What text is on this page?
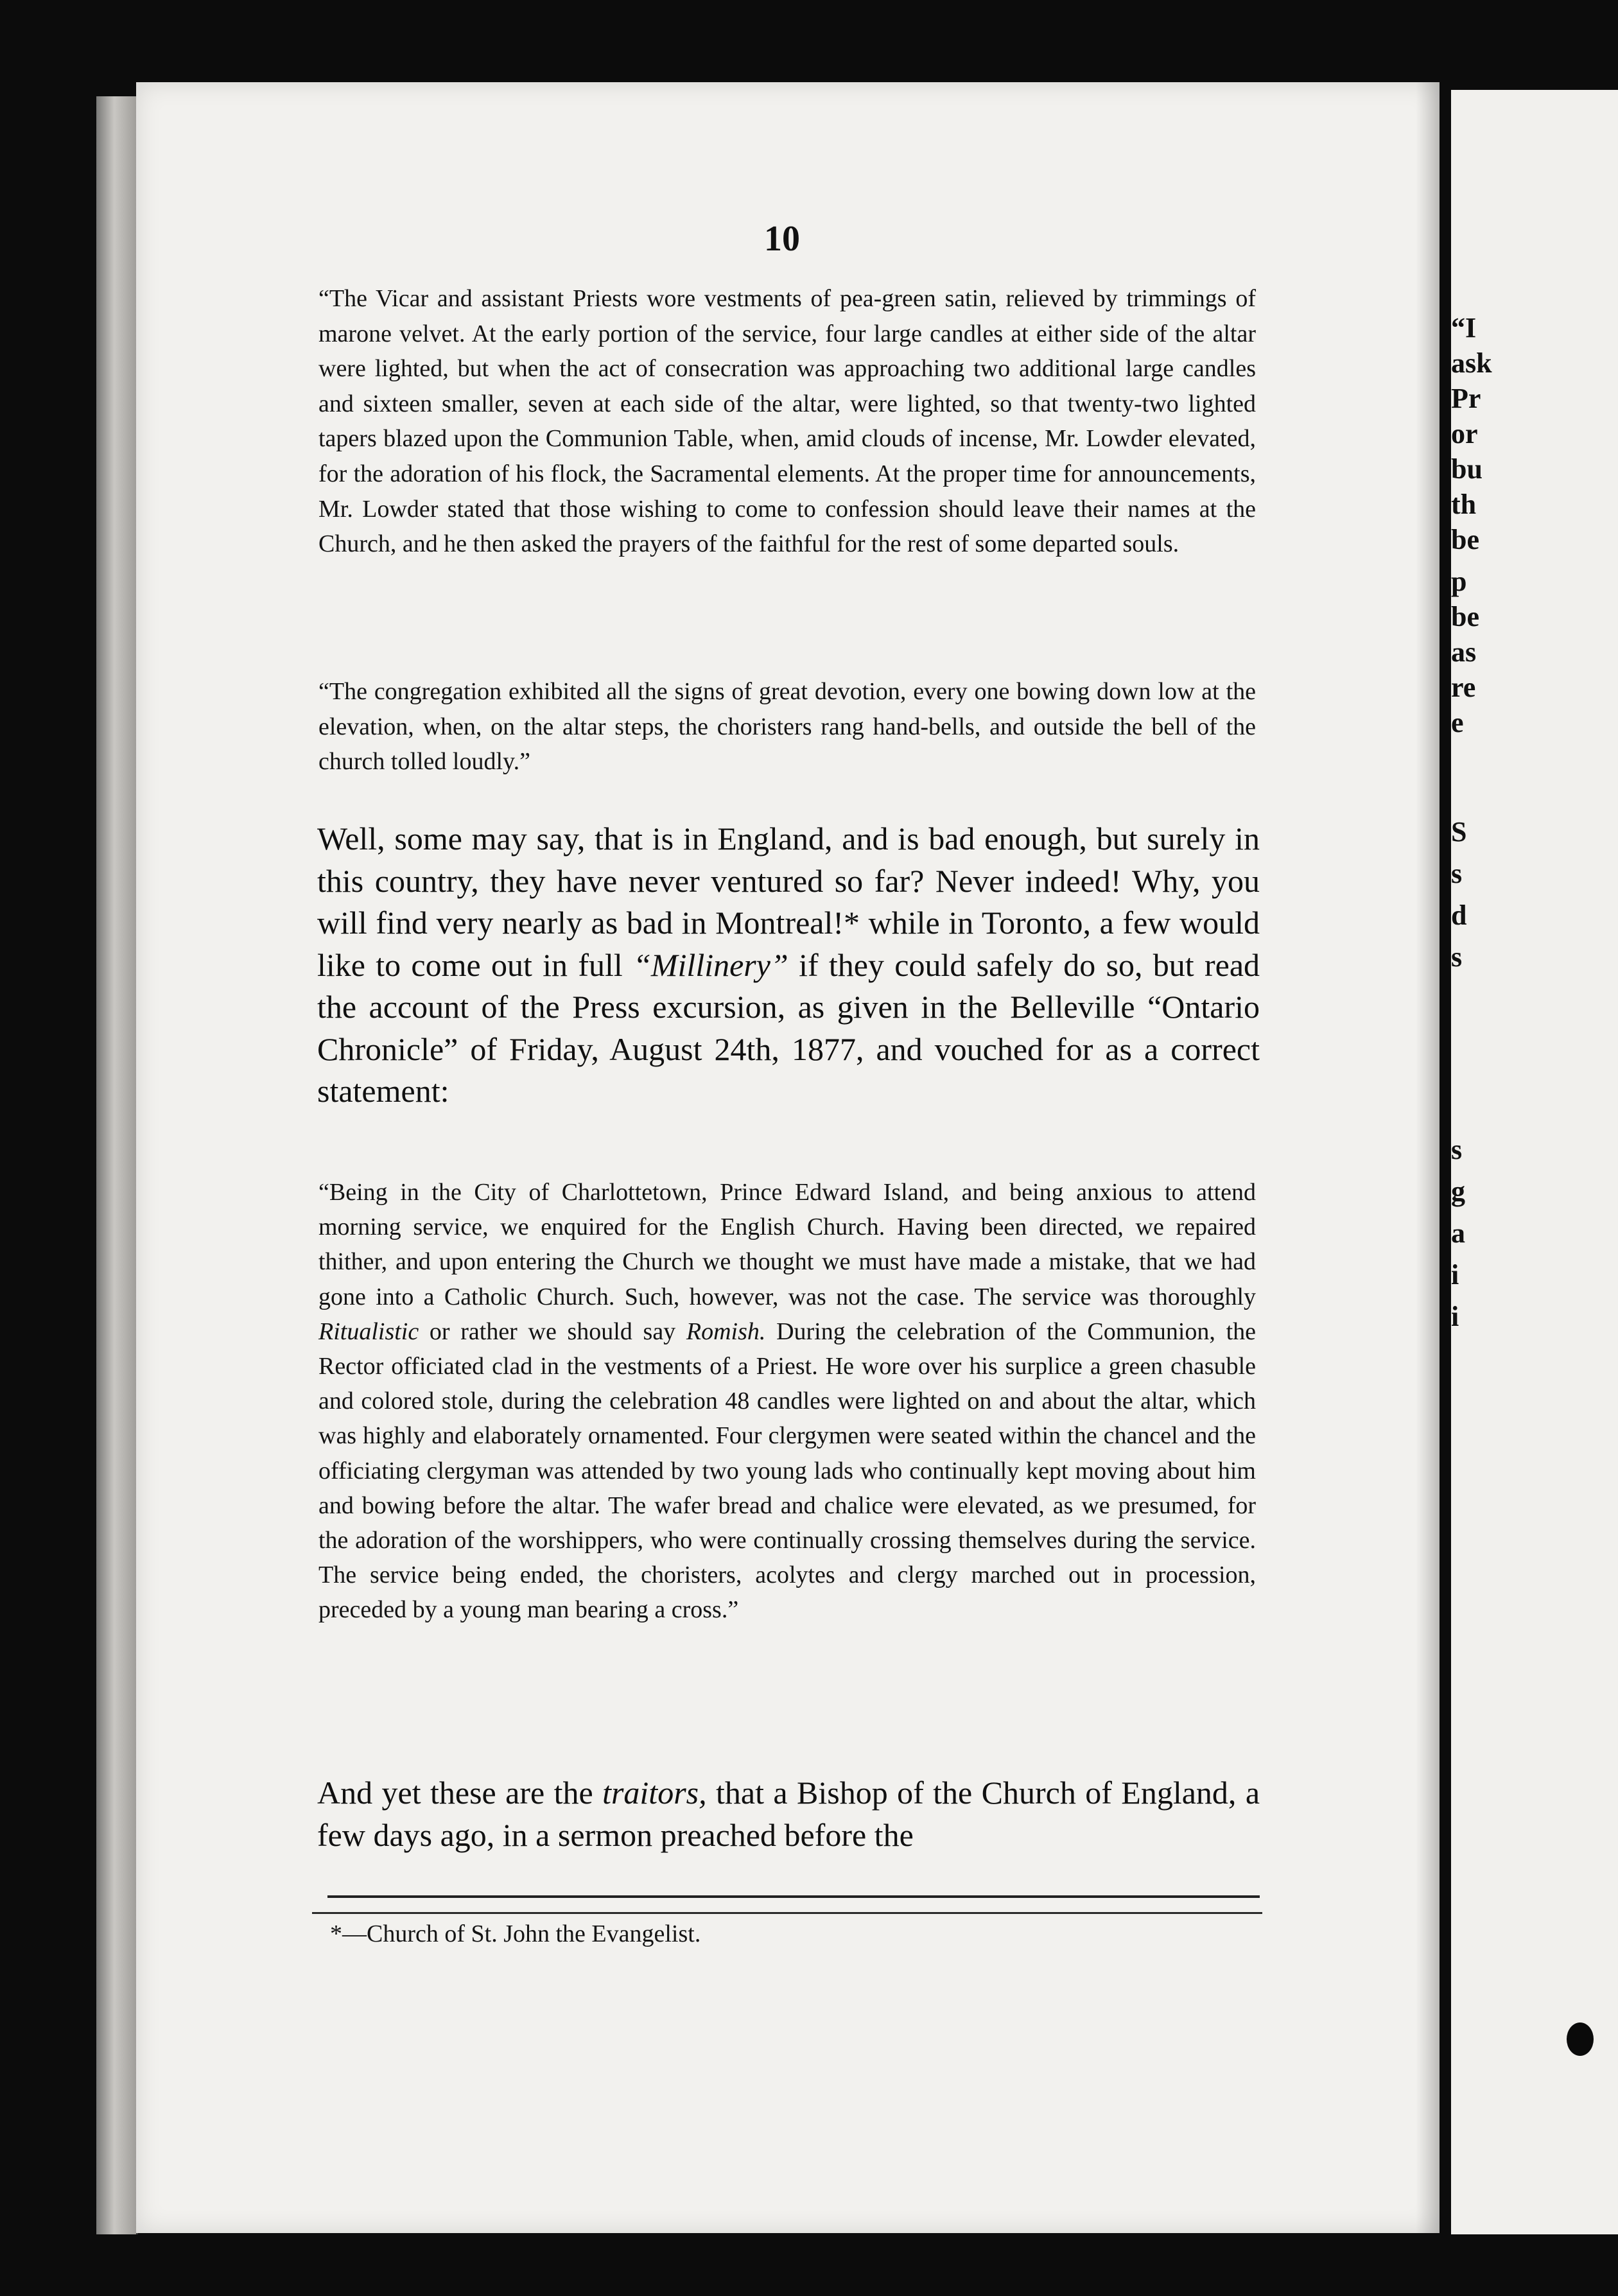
“I
ask
Pr
or
bu
th
be
p
be
as
re
e
S
s
d
s
s
g
a
i
i
10

“The Vicar and assistant Priests wore vestments of pea-green satin, relieved by trimmings of marone velvet. At the early portion of the service, four large candles at either side of the altar were lighted, but when the act of consecration was approaching two additional large candles and sixteen smaller, seven at each side of the altar, were lighted, so that twenty-two lighted tapers blazed upon the Communion Table, when, amid clouds of incense, Mr. Lowder elevated, for the adoration of his flock, the Sacramental elements. At the proper time for announcements, Mr. Lowder stated that those wishing to come to confession should leave their names at the Church, and he then asked the prayers of the faithful for the rest of some departed souls.

“The congregation exhibited all the signs of great devotion, every one bowing down low at the elevation, when, on the altar steps, the choristers rang hand-bells, and outside the bell of the church tolled loudly.”

Well, some may say, that is in England, and is bad enough, but surely in this country, they have never ventured so far? Never indeed! Why, you will find very nearly as bad in Montreal!* while in Toronto, a few would like to come out in full “Millinery” if they could safely do so, but read the account of the Press excursion, as given in the Belleville “Ontario Chronicle” of Friday, August 24th, 1877, and vouched for as a correct statement:

“Being in the City of Charlottetown, Prince Edward Island, and being anxious to attend morning service, we enquired for the English Church. Having been directed, we repaired thither, and upon entering the Church we thought we must have made a mistake, that we had gone into a Catholic Church. Such, however, was not the case. The service was thoroughly Ritualistic or rather we should say Romish. During the celebration of the Communion, the Rector officiated clad in the vestments of a Priest. He wore over his surplice a green chasuble and colored stole, during the celebration 48 candles were lighted on and about the altar, which was highly and elaborately ornamented. Four clergymen were seated within the chancel and the officiating clergyman was attended by two young lads who continually kept moving about him and bowing before the altar. The wafer bread and chalice were elevated, as we presumed, for the adoration of the worshippers, who were continually crossing themselves during the service. The service being ended, the choristers, acolytes and clergy marched out in procession, preceded by a young man bearing a cross.”

And yet these are the traitors, that a Bishop of the Church of England, a few days ago, in a sermon preached before the

*—Church of St. John the Evangelist.
